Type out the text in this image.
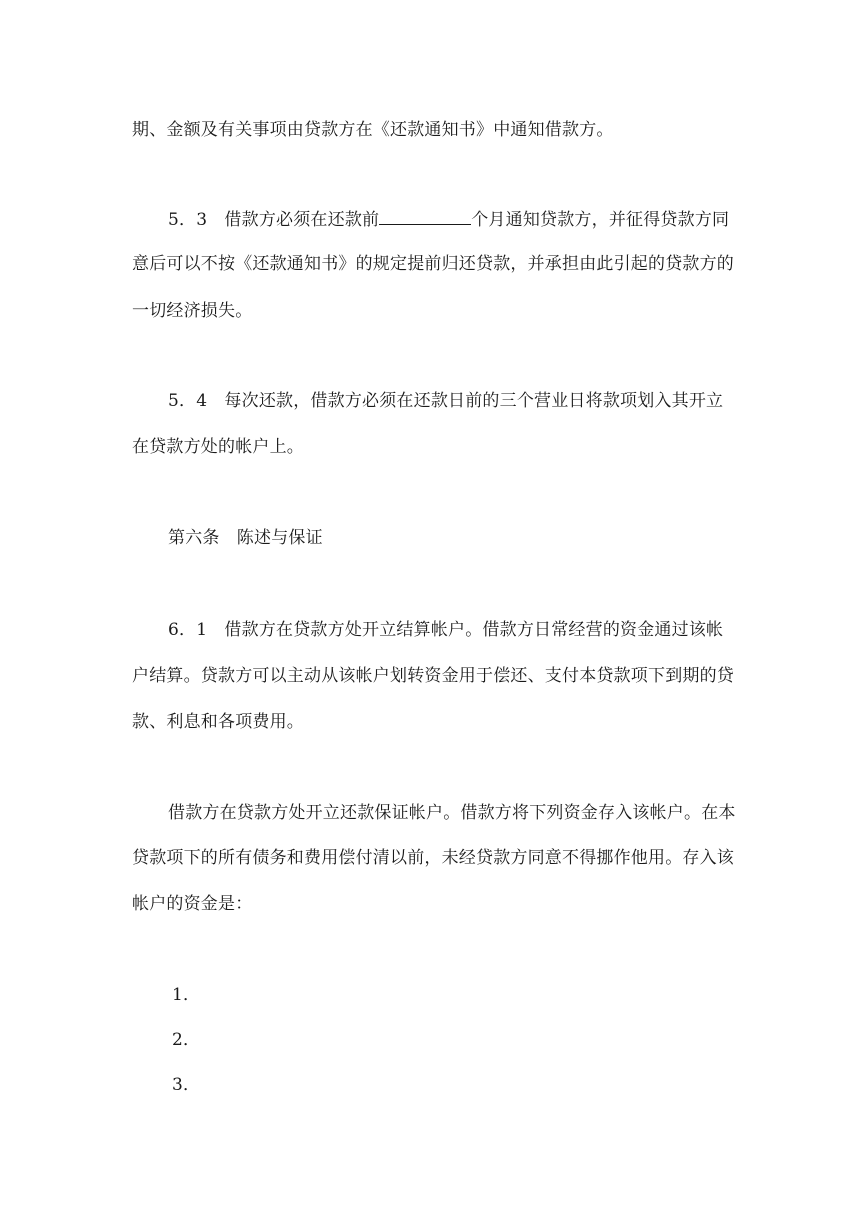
期、金额及有关事项由贷款方在《还款通知书》中通知借款方。
5．3　借款方必须在还款前	个月通知贷款方，并征得贷款方同
意后可以不按《还款通知书》的规定提前归还贷款，并承担由此引起的贷款方的
一切经济损失。
5．4　每次还款，借款方必须在还款日前的三个营业日将款项划入其开立
在贷款方处的帐户上。
第六条　陈述与保证
6．1　借款方在贷款方处开立结算帐户。借款方日常经营的资金通过该帐
户结算。贷款方可以主动从该帐户划转资金用于偿还、支付本贷款项下到期的贷
款、利息和各项费用。
借款方在贷款方处开立还款保证帐户。借款方将下列资金存入该帐户。在本
贷款项下的所有债务和费用偿付清以前，未经贷款方同意不得挪作他用。存入该
帐户的资金是：
1．
2．
3．
